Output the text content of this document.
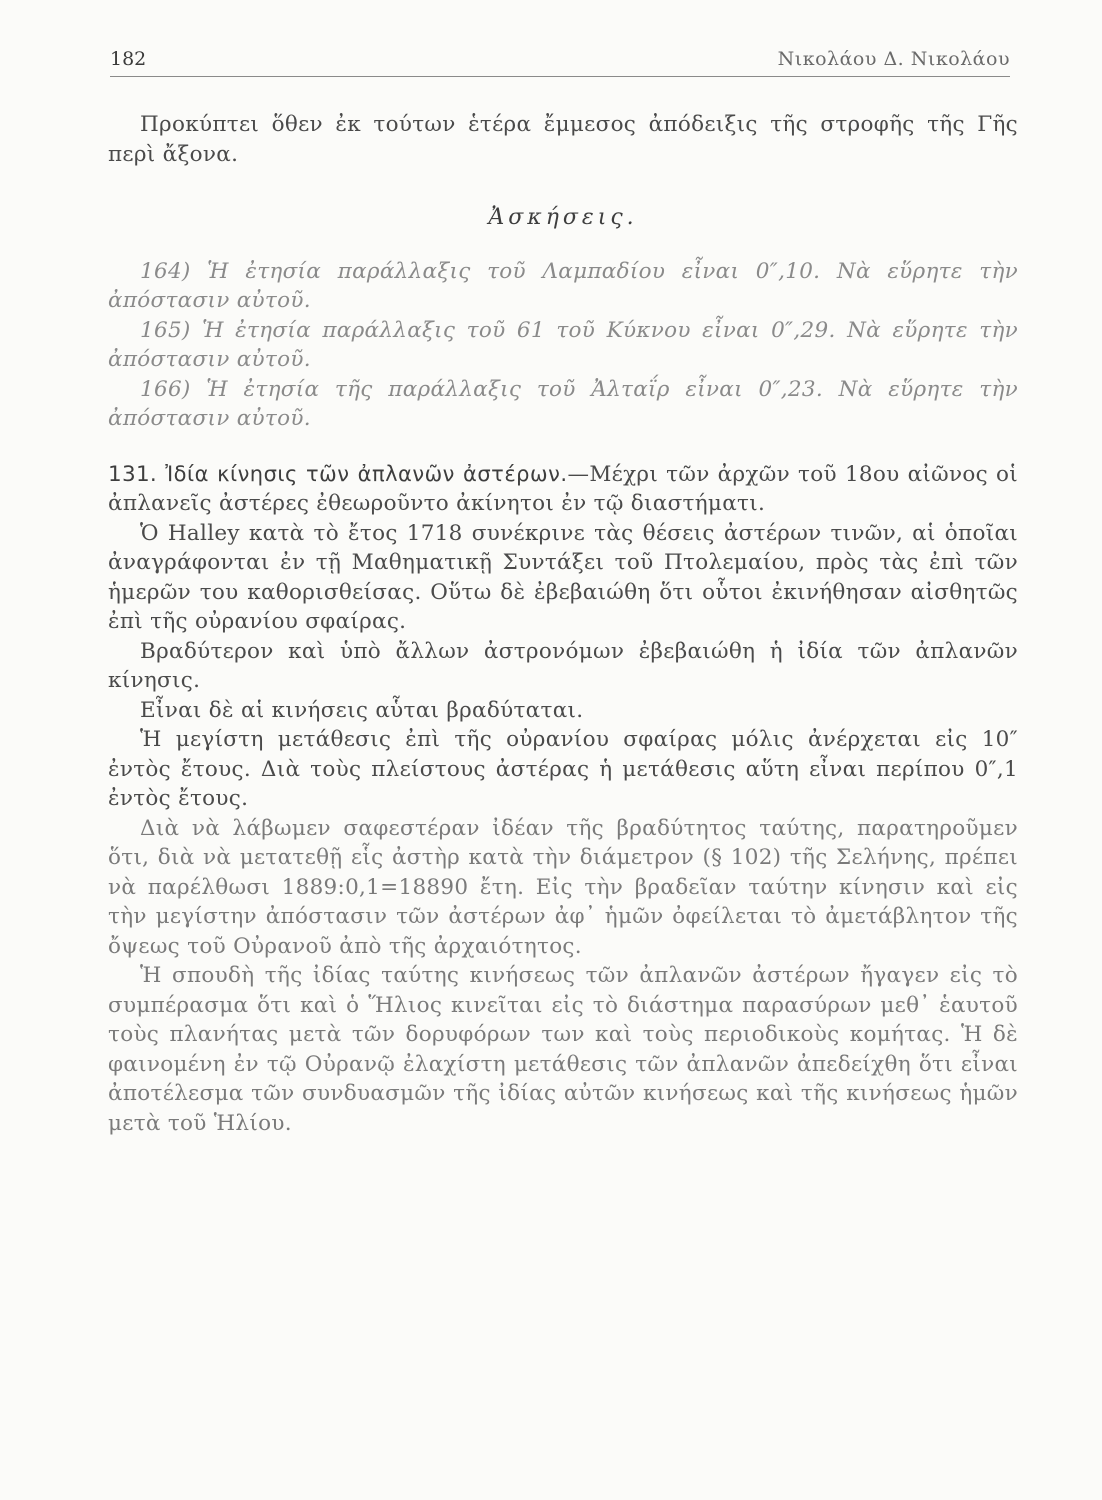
182	Νικολάου Δ. Νικολάου

Προκύπτει ὅθεν ἐκ τούτων ἑτέρα ἔμμεσος ἀπόδειξις τῆς στροφῆς τῆς Γῆς περὶ ἄξονα.

Ἀσκήσεις.

164) Ἡ ἐτησία παράλλαξις τοῦ Λαμπαδίου εἶναι 0″,10. Νὰ εὕρητε τὴν ἀπόστασιν αὐτοῦ.

165) Ἡ ἐτησία παράλλαξις τοῦ 61 τοῦ Κύκνου εἶναι 0″,29. Νὰ εὕρητε τὴν ἀπόστασιν αὐτοῦ.

166) Ἡ ἐτησία τῆς παράλλαξις τοῦ Ἀλταΐρ εἶναι 0″,23. Νὰ εὕρητε τὴν ἀπόστασιν αὐτοῦ.

131. Ἰδία κίνησις τῶν ἀπλανῶν ἀστέρων.—Μέχρι τῶν ἀρχῶν τοῦ 18ου αἰῶνος οἱ ἀπλανεῖς ἀστέρες ἐθεωροῦντο ἀκίνητοι ἐν τῷ διαστήματι.

Ὁ Halley κατὰ τὸ ἔτος 1718 συνέκρινε τὰς θέσεις ἀστέρων τινῶν, αἱ ὁποῖαι ἀναγράφονται ἐν τῇ Μαθηματικῇ Συντάξει τοῦ Πτολεμαίου, πρὸς τὰς ἐπὶ τῶν ἡμερῶν του καθορισθείσας. Οὕτω δὲ ἐβεβαιώθη ὅτι οὗτοι ἐκινήθησαν αἰσθητῶς ἐπὶ τῆς οὐρανίου σφαίρας.

Βραδύτερον καὶ ὑπὸ ἄλλων ἀστρονόμων ἐβεβαιώθη ἡ ἰδία τῶν ἀπλανῶν κίνησις.

Εἶναι δὲ αἱ κινήσεις αὗται βραδύταται.

Ἡ μεγίστη μετάθεσις ἐπὶ τῆς οὐρανίου σφαίρας μόλις ἀνέρχεται εἰς 10″ ἐντὸς ἔτους. Διὰ τοὺς πλείστους ἀστέρας ἡ μετάθεσις αὕτη εἶναι περίπου 0″,1 ἐντὸς ἔτους.

Διὰ νὰ λάβωμεν σαφεστέραν ἰδέαν τῆς βραδύτητος ταύτης, παρατηροῦμεν ὅτι, διὰ νὰ μετατεθῇ εἷς ἀστὴρ κατὰ τὴν διάμετρον (§ 102) τῆς Σελήνης, πρέπει νὰ παρέλθωσι 1889:0,1=18890 ἔτη. Εἰς τὴν βραδεῖαν ταύτην κίνησιν καὶ εἰς τὴν μεγίστην ἀπόστασιν τῶν ἀστέρων ἀφ᾽ ἡμῶν ὀφείλεται τὸ ἀμετάβλητον τῆς ὄψεως τοῦ Οὐρανοῦ ἀπὸ τῆς ἀρχαιότητος.

Ἡ σπουδὴ τῆς ἰδίας ταύτης κινήσεως τῶν ἀπλανῶν ἀστέρων ἤγαγεν εἰς τὸ συμπέρασμα ὅτι καὶ ὁ Ἥλιος κινεῖται εἰς τὸ διάστημα παρασύρων μεθ᾽ ἑαυτοῦ τοὺς πλανήτας μετὰ τῶν δορυφόρων των καὶ τοὺς περιοδικοὺς κομήτας. Ἡ δὲ φαινομένη ἐν τῷ Οὐρανῷ ἐλαχίστη μετάθεσις τῶν ἀπλανῶν ἀπεδείχθη ὅτι εἶναι ἀποτέλεσμα τῶν συνδυασμῶν τῆς ἰδίας αὐτῶν κινήσεως καὶ τῆς κινήσεως ἡμῶν μετὰ τοῦ Ἡλίου.
